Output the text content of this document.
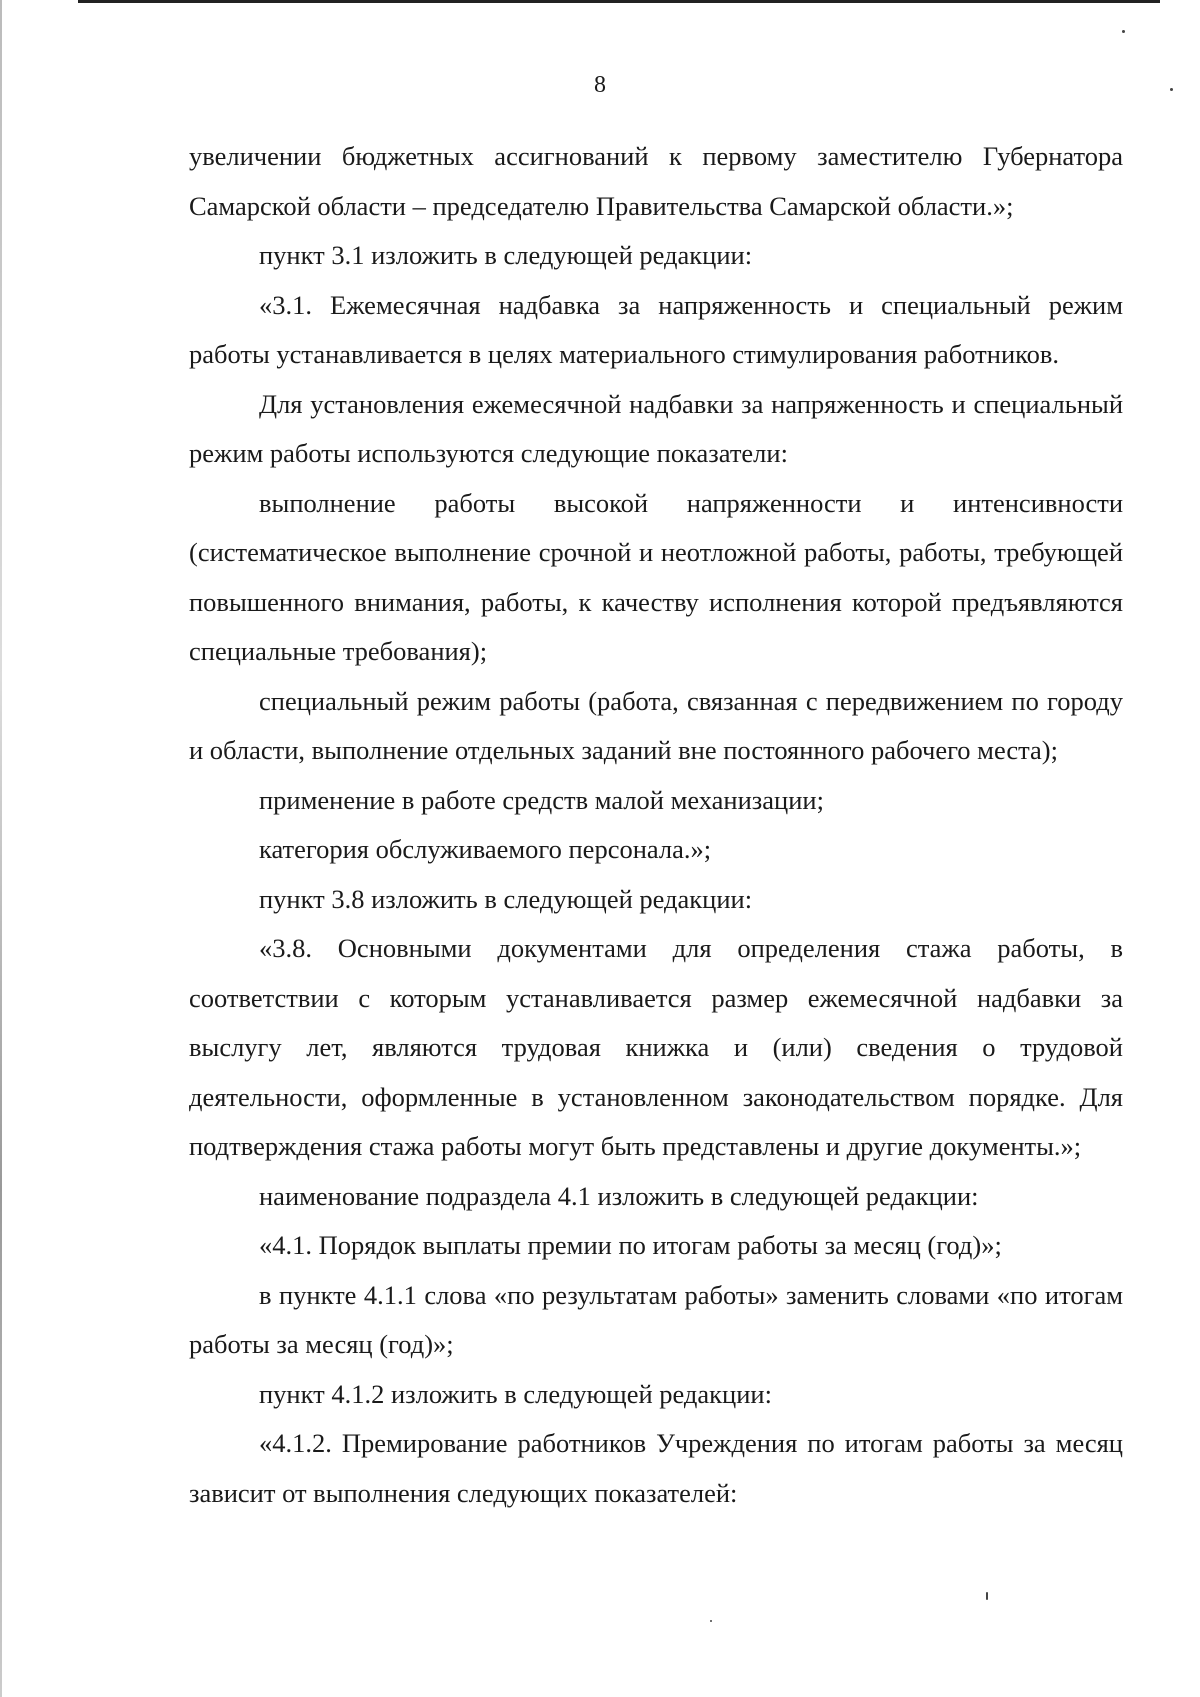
8

увеличении бюджетных ассигнований к первому заместителю Губернатора Самарской области – председателю Правительства Самарской области.»;

пункт 3.1 изложить в следующей редакции:

«3.1. Ежемесячная надбавка за напряженность и специальный режим работы устанавливается в целях материального стимулирования работников.

Для установления ежемесячной надбавки за напряженность и специальный режим работы используются следующие показатели:

выполнение работы высокой напряженности и интенсивности (систематическое выполнение срочной и неотложной работы, работы, требующей повышенного внимания, работы, к качеству исполнения которой предъявляются специальные требования);

специальный режим работы (работа, связанная с передвижением по городу и области, выполнение отдельных заданий вне постоянного рабочего места);

применение в работе средств малой механизации;

категория обслуживаемого персонала.»;

пункт 3.8 изложить в следующей редакции:

«3.8. Основными документами для определения стажа работы, в соответствии с которым устанавливается размер ежемесячной надбавки за выслугу лет, являются трудовая книжка и (или) сведения о трудовой деятельности, оформленные в установленном законодательством порядке. Для подтверждения стажа работы могут быть представлены и другие документы.»;

наименование подраздела 4.1 изложить в следующей редакции:

«4.1. Порядок выплаты премии по итогам работы за месяц (год)»;

в пункте 4.1.1 слова «по результатам работы» заменить словами «по итогам работы за месяц (год)»;

пункт 4.1.2 изложить в следующей редакции:

«4.1.2. Премирование работников Учреждения по итогам работы за месяц зависит от выполнения следующих показателей:
